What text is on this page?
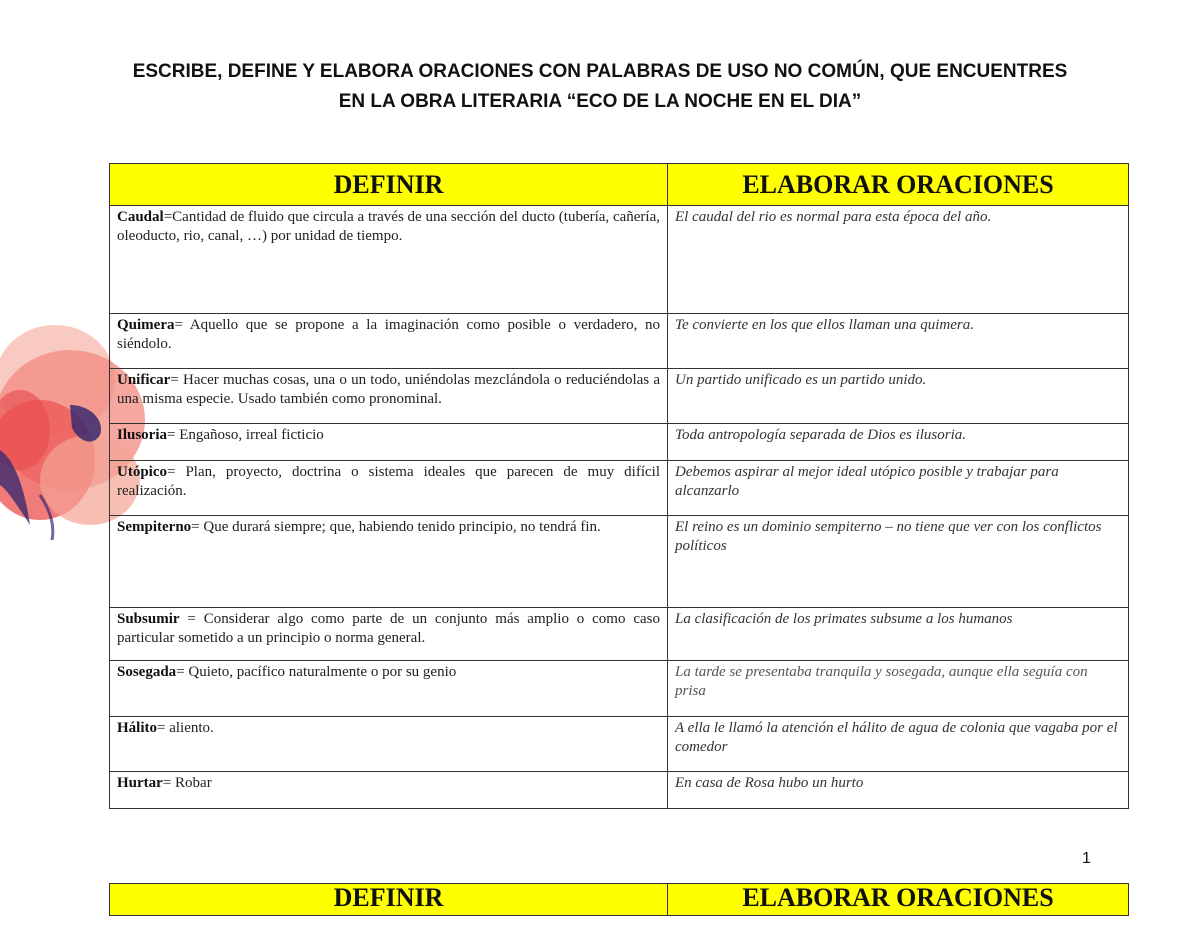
ESCRIBE, DEFINE Y ELABORA ORACIONES CON PALABRAS DE USO NO COMÚN, QUE ENCUENTRES
EN LA OBRA LITERARIA “ECO DE LA NOCHE EN EL DIA”
DEFINIR	ELABORAR ORACIONES
Caudal=Cantidad de fluido que circula a través de una sección del ducto (tubería, cañería, oleoducto, rio, canal, …) por unidad de tiempo.	El caudal del rio es normal para esta época del año.
Quimera= Aquello que se propone a la imaginación como posible o verdadero, no siéndolo.	Te convierte en los que ellos llaman una quimera.
Unificar= Hacer muchas cosas, una o un todo, uniéndolas mezclándola o reduciéndolas a una misma especie. Usado también como pronominal.	Un partido unificado es un partido unido.
Ilusoria= Engañoso, irreal ficticio	Toda antropología separada de Dios es ilusoria.
Utópico= Plan, proyecto, doctrina o sistema ideales que parecen de muy difícil realización.	Debemos aspirar al mejor ideal utópico posible y trabajar para alcanzarlo
Sempiterno= Que durará siempre; que, habiendo tenido principio, no tendrá fin.	El reino es un dominio sempiterno – no tiene que ver con los conflictos políticos
Subsumir = Considerar algo como parte de un conjunto más amplio o como caso particular sometido a un principio o norma general.	La clasificación de los primates subsume a los humanos
Sosegada= Quieto, pacífico naturalmente o por su genio	La tarde se presentaba tranquila y sosegada, aunque ella seguía con prisa
Hálito= aliento.	A ella le llamó la atención el hálito de agua de colonia que vagaba por el comedor
Hurtar= Robar	En casa de Rosa hubo un hurto
1
DEFINIR	ELABORAR ORACIONES
